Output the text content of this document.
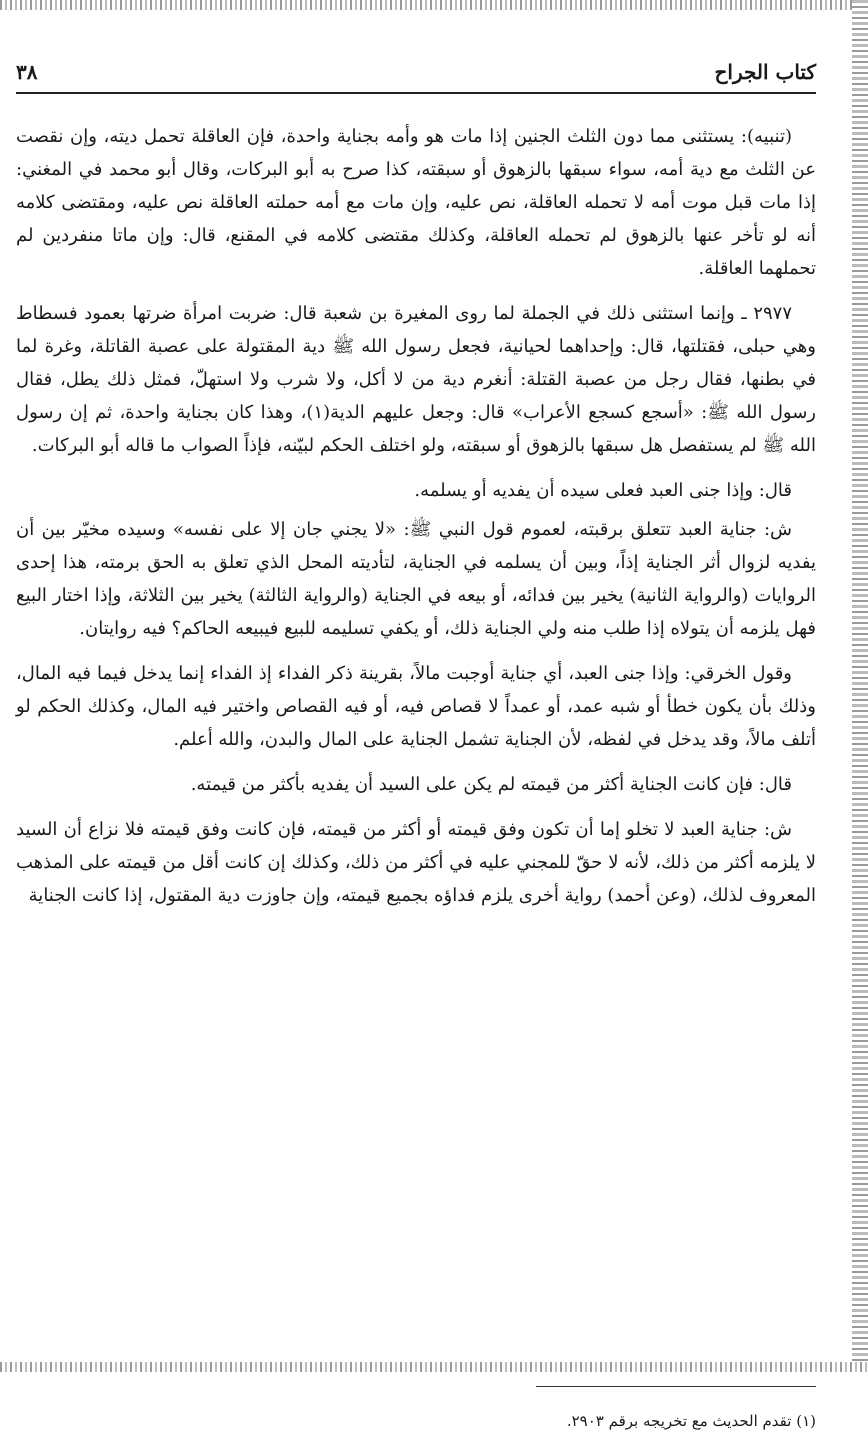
كتاب الجراح
٣٨

(تنبيه): يستثنى مما دون الثلث الجنين إذا مات هو وأمه بجناية واحدة، فإن العاقلة تحمل ديته، وإن نقصت عن الثلث مع دية أمه، سواء سبقها بالزهوق أو سبقته، كذا صرح به أبو البركات، وقال أبو محمد في المغني: إذا مات قبل موت أمه لا تحمله العاقلة، نص عليه، وإن مات مع أمه حملته العاقلة نص عليه، ومقتضى كلامه أنه لو تأخر عنها بالزهوق لم تحمله العاقلة، وكذلك مقتضى كلامه في المقنع، قال: وإن ماتا منفردين لم تحملهما العاقلة.

٢٩٧٧ ـ وإنما استثنى ذلك في الجملة لما روى المغيرة بن شعبة قال: ضربت امرأة ضرتها بعمود فسطاط وهي حبلى، فقتلتها، قال: وإحداهما لحيانية، فجعل رسول الله ﷺ دية المقتولة على عصبة القاتلة، وغرة لما في بطنها، فقال رجل من عصبة القتلة: أنغرم دية من لا أكل، ولا شرب ولا استهلّ، فمثل ذلك يطل، فقال رسول الله ﷺ: «أسجع كسجع الأعراب» قال: وجعل عليهم الدية(١)، وهذا كان بجناية واحدة، ثم إن رسول الله ﷺ لم يستفصل هل سبقها بالزهوق أو سبقته، ولو اختلف الحكم لبيّنه، فإذاً الصواب ما قاله أبو البركات.

قال: وإذا جنى العبد فعلى سيده أن يفديه أو يسلمه.

ش: جناية العبد تتعلق برقبته، لعموم قول النبي ﷺ: «لا يجني جان إلا على نفسه» وسيده مخيّر بين أن يفديه لزوال أثر الجناية إذاً، وبين أن يسلمه في الجناية، لتأديته المحل الذي تعلق به الحق برمته، هذا إحدى الروايات (والرواية الثانية) يخير بين فدائه، أو بيعه في الجناية (والرواية الثالثة) يخير بين الثلاثة، وإذا اختار البيع فهل يلزمه أن يتولاه إذا طلب منه ولي الجناية ذلك، أو يكفي تسليمه للبيع فيبيعه الحاكم؟ فيه روايتان.

وقول الخرقي: وإذا جنى العبد، أي جناية أوجبت مالاً، بقرينة ذكر الفداء إذ الفداء إنما يدخل فيما فيه المال، وذلك بأن يكون خطأ أو شبه عمد، أو عمداً لا قصاص فيه، أو فيه القصاص واختير فيه المال، وكذلك الحكم لو أتلف مالاً، وقد يدخل في لفظه، لأن الجناية تشمل الجناية على المال والبدن، والله أعلم.

قال: فإن كانت الجناية أكثر من قيمته لم يكن على السيد أن يفديه بأكثر من قيمته.

ش: جناية العبد لا تخلو إما أن تكون وفق قيمته أو أكثر من قيمته، فإن كانت وفق قيمته فلا نزاع أن السيد لا يلزمه أكثر من ذلك، لأنه لا حقّ للمجني عليه في أكثر من ذلك، وكذلك إن كانت أقل من قيمته على المذهب المعروف لذلك، (وعن أحمد) رواية أخرى يلزم فداؤه بجميع قيمته، وإن جاوزت دية المقتول، إذا كانت الجناية

(١) تقدم الحديث مع تخريجه برقم ٢٩٠٣.
